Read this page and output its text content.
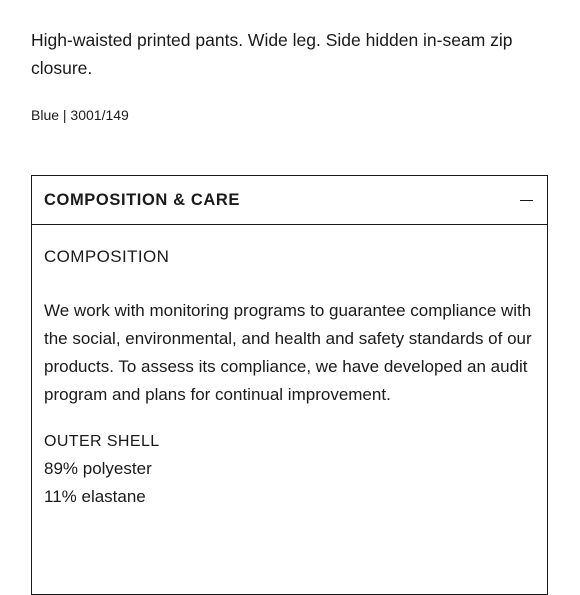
High-waisted printed pants. Wide leg. Side hidden in-seam zip closure.

Blue | 3001/149

COMPOSITION & CARE

COMPOSITION

We work with monitoring programs to guarantee compliance with the social, environmental, and health and safety standards of our products. To assess its compliance, we have developed an audit program and plans for continual improvement.

OUTER SHELL

89% polyester

11% elastane
